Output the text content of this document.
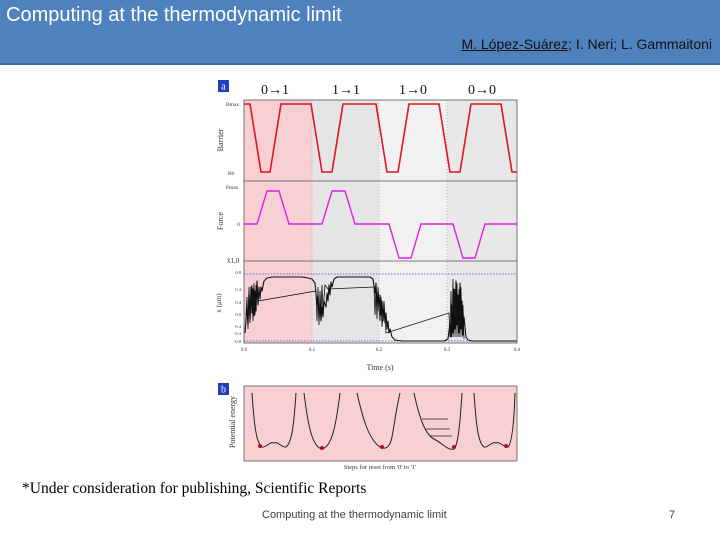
Computing at the thermodynamic limit
M. López-Suárez; I. Neri; L. Gammaitoni
a	0→1	1→1	1→0	0→0
Barrier
Bmax
B0
Force
Fmax
0
x (μm)
x̄1,0
0.8
0.4
0.4
0.0
-0.4
-0.4
-0.8
0.0	0.1	0.2	0.3	0.4
Time (s)
b
Potential energy
Steps for reset from '0' to '1'
*Under consideration for publishing, Scientific Reports
Computing at the thermodynamic limit	7
